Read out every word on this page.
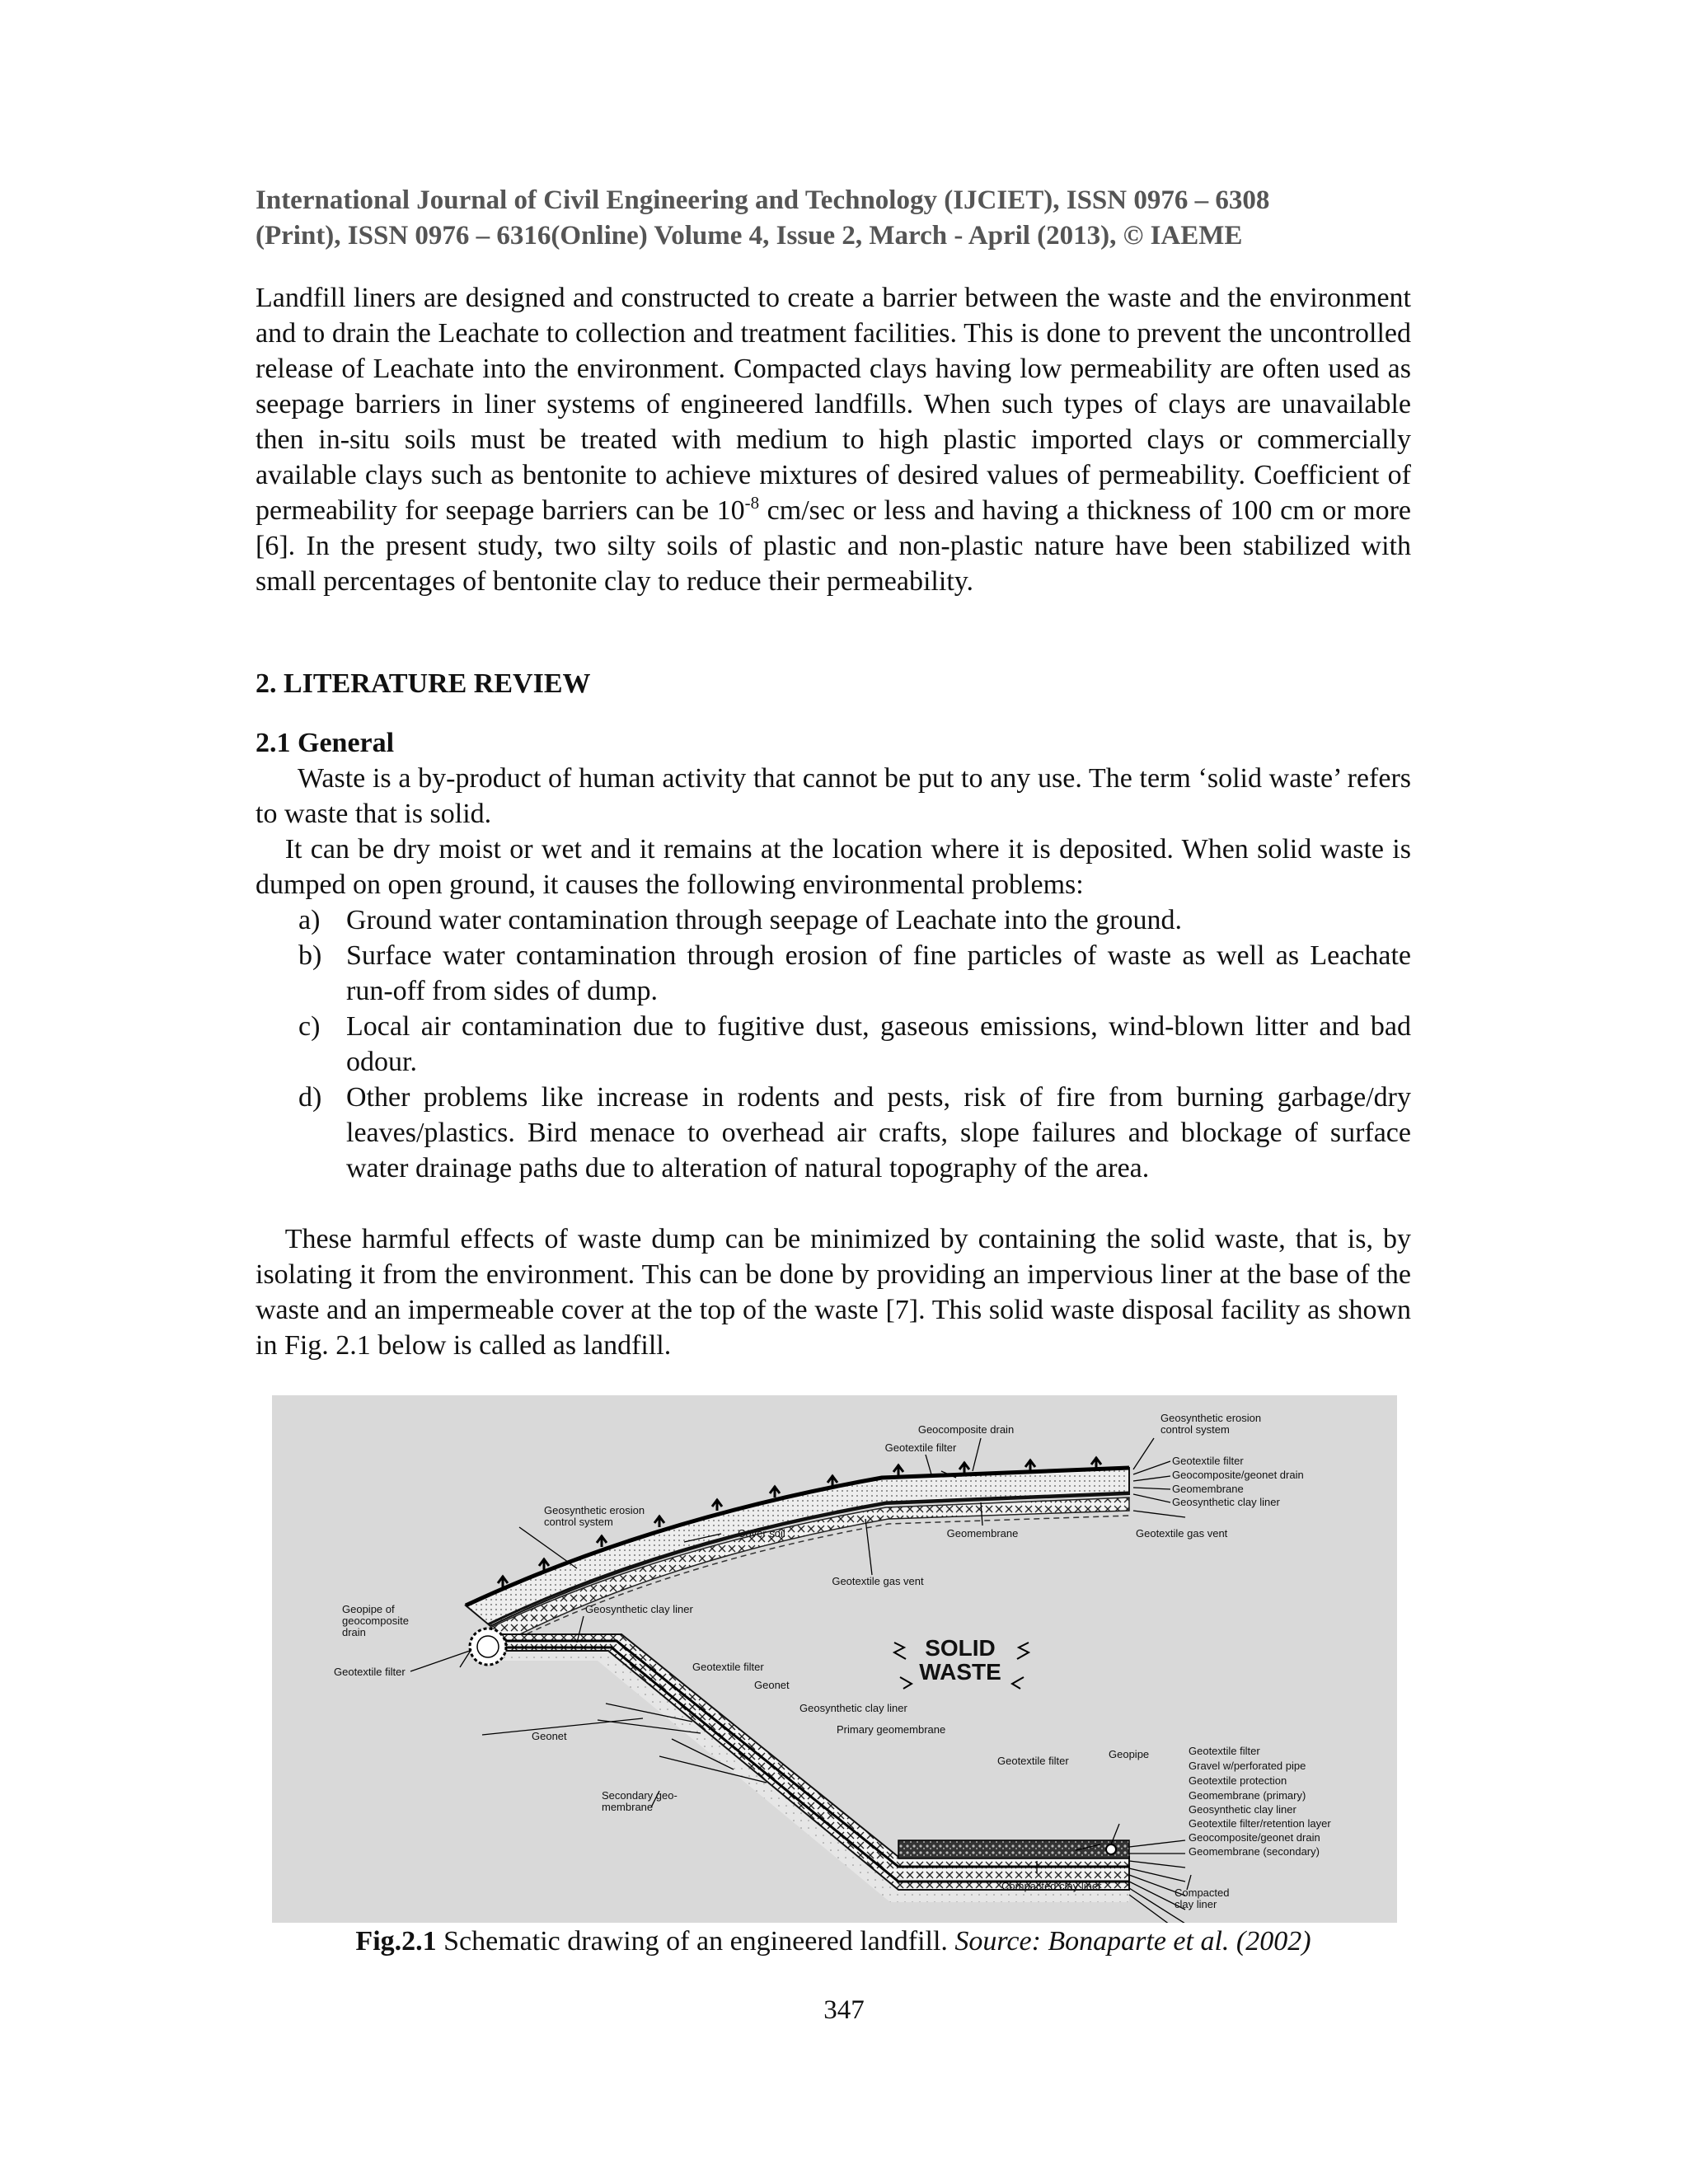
International Journal of Civil Engineering and Technology (IJCIET), ISSN 0976 – 6308
(Print), ISSN 0976 – 6316(Online) Volume 4, Issue 2, March - April (2013), © IAEME

Landfill liners are designed and constructed to create a barrier between the waste and the environment and to drain the Leachate to collection and treatment facilities. This is done to prevent the uncontrolled release of Leachate into the environment. Compacted clays having low permeability are often used as seepage barriers in liner systems of engineered landfills. When such types of clays are unavailable then in-situ soils must be treated with medium to high plastic imported clays or commercially available clays such as bentonite to achieve mixtures of desired values of permeability. Coefficient of permeability for seepage barriers can be $10^{-8}$ cm/sec or less and having a thickness of 100 cm or more [6]. In the present study, two silty soils of plastic and non-plastic nature have been stabilized with small percentages of bentonite clay to reduce their permeability.

2. LITERATURE REVIEW
2.1 General

Waste is a by-product of human activity that cannot be put to any use. The term ‘solid waste’ refers to waste that is solid.

It can be dry moist or wet and it remains at the location where it is deposited. When solid waste is dumped on open ground, it causes the following environmental problems:

a) Ground water contamination through seepage of Leachate into the ground.
b) Surface water contamination through erosion of fine particles of waste as well as Leachate run-off from sides of dump.
c) Local air contamination due to fugitive dust, gaseous emissions, wind-blown litter and bad odour.
d) Other problems like increase in rodents and pests, risk of fire from burning garbage/dry leaves/plastics. Bird menace to overhead air crafts, slope failures and blockage of surface water drainage paths due to alteration of natural topography of the area.

These harmful effects of waste dump can be minimized by containing the solid waste, that is, by isolating it from the environment. This can be done by providing an impervious liner at the base of the waste and an impermeable cover at the top of the waste [7]. This solid waste disposal facility as shown in Fig. 2.1 below is called as landfill.

SOLID
WASTE
Geocomposite drain
Geosynthetic erosion
control system
Geotextile filter
Geotextile filter
Geocomposite/geonet drain
Geomembrane
Geosynthetic clay liner
Geosynthetic erosion
control system
Cover soil	Geomembrane	Geotextile gas vent
Geotextile gas vent
Geosynthetic clay liner
Geopipe of
geocomposite
drain
Geotextile filter	Geotextile filter
Geonet
Geosynthetic clay liner
Geonet
Primary geomembrane
Geotextile filter
Geopipe
Secondary geo-
membrane
Compacted clay liner
Compacted
clay liner
Geotextile filter
Gravel w/perforated pipe
Geotextile protection
Geomembrane (primary)
Geosynthetic clay liner
Geotextile filter/retention layer
Geocomposite/geonet drain
Geomembrane (secondary)
Fig.2.1 Schematic drawing of an engineered landfill. Source: Bonaparte et al. (2002)
347
